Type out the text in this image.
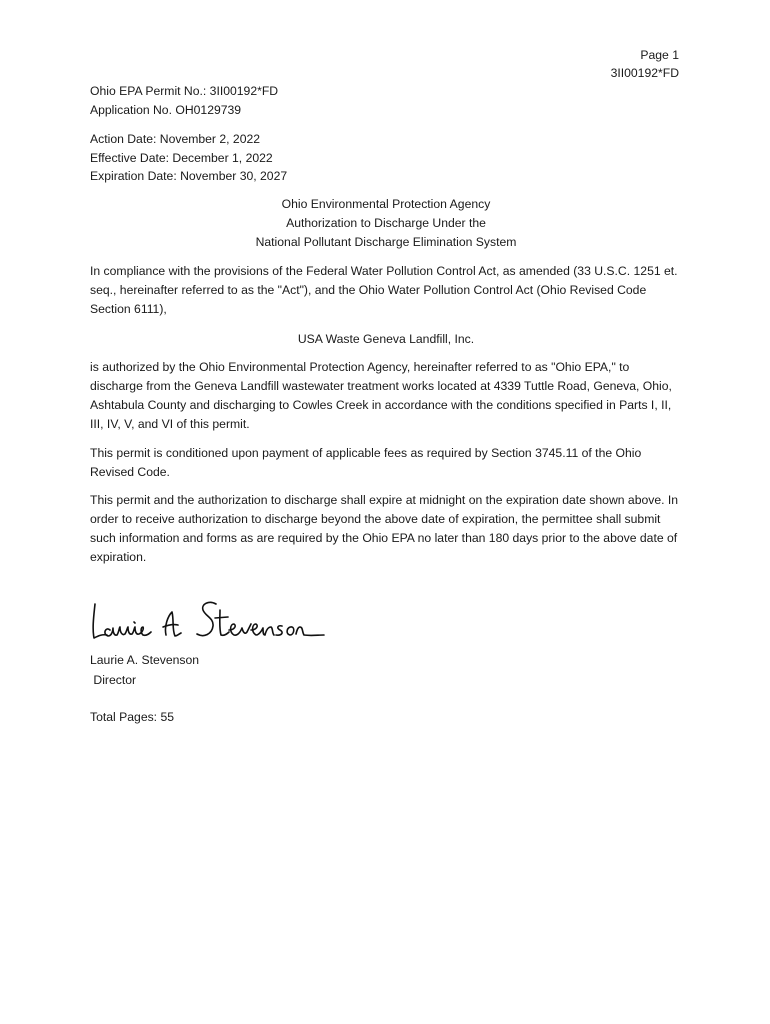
Page 1
3II00192*FD
Ohio EPA Permit No.: 3II00192*FD
Application No. OH0129739
Action Date: November 2, 2022
Effective Date: December 1, 2022
Expiration Date: November 30, 2027
Ohio Environmental Protection Agency
Authorization to Discharge Under the
National Pollutant Discharge Elimination System
In compliance with the provisions of the Federal Water Pollution Control Act, as amended (33 U.S.C. 1251 et. seq., hereinafter referred to as the "Act"), and the Ohio Water Pollution Control Act (Ohio Revised Code Section 6111),
USA Waste Geneva Landfill, Inc.
is authorized by the Ohio Environmental Protection Agency, hereinafter referred to as "Ohio EPA," to discharge from the Geneva Landfill wastewater treatment works located at 4339 Tuttle Road, Geneva, Ohio, Ashtabula County and discharging to Cowles Creek in accordance with the conditions specified in Parts I, II, III, IV, V, and VI of this permit.
This permit is conditioned upon payment of applicable fees as required by Section 3745.11 of the Ohio Revised Code.
This permit and the authorization to discharge shall expire at midnight on the expiration date shown above. In order to receive authorization to discharge beyond the above date of expiration, the permittee shall submit such information and forms as are required by the Ohio EPA no later than 180 days prior to the above date of expiration.
Laurie A. Stevenson
Director
Total Pages: 55
